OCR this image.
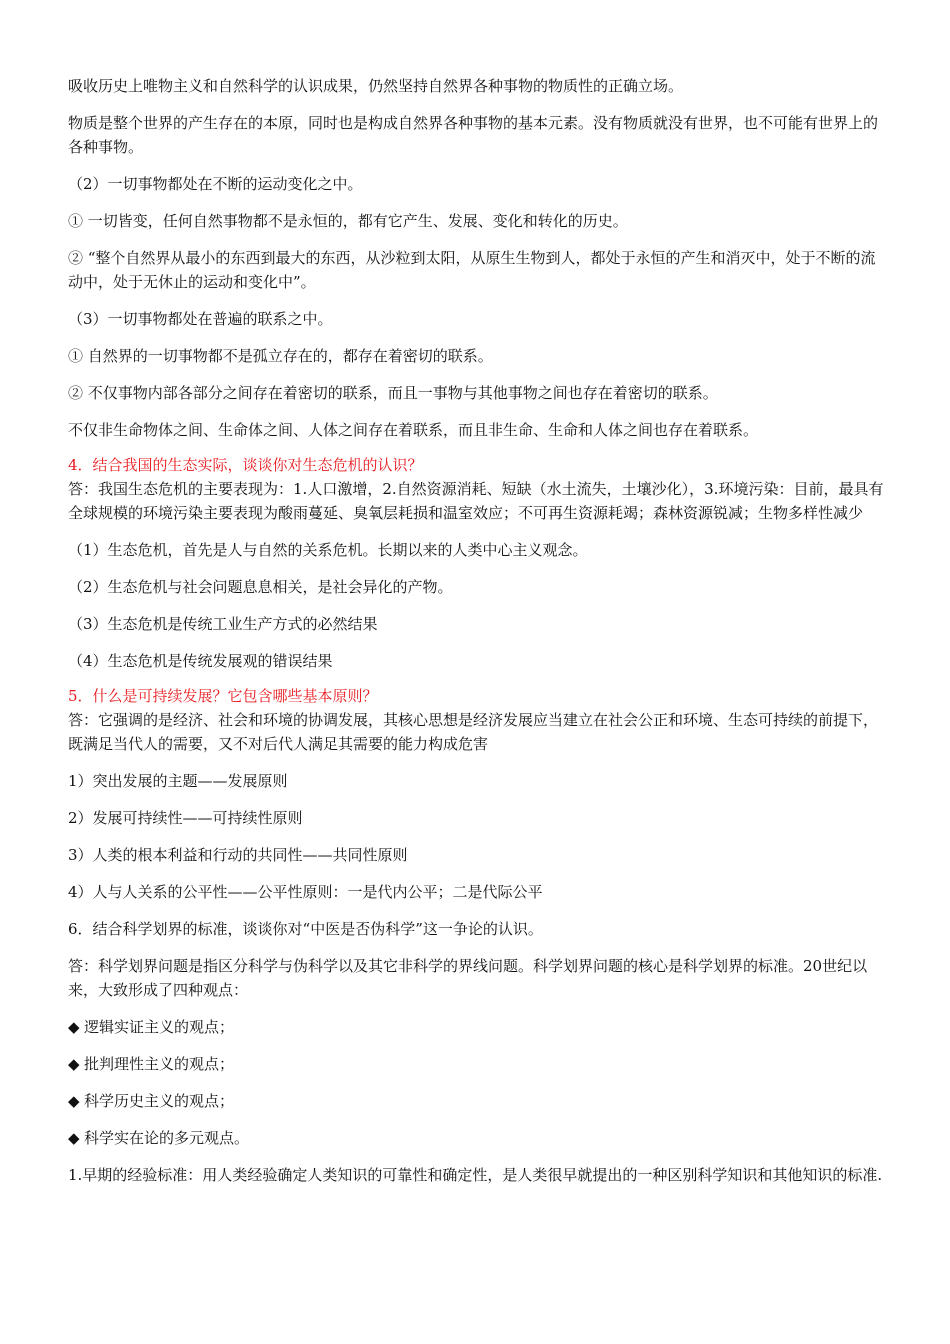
吸收历史上唯物主义和自然科学的认识成果，仍然坚持自然界各种事物的物质性的正确立场。

物质是整个世界的产生存在的本原，同时也是构成自然界各种事物的基本元素。没有物质就没有世界，也不可能有世界上的各种事物。

（2）一切事物都处在不断的运动变化之中。

① 一切皆变，任何自然事物都不是永恒的，都有它产生、发展、变化和转化的历史。

② “整个自然界从最小的东西到最大的东西，从沙粒到太阳，从原生生物到人，都处于永恒的产生和消灭中，处于不断的流动中，处于无休止的运动和变化中”。

（3）一切事物都处在普遍的联系之中。

① 自然界的一切事物都不是孤立存在的，都存在着密切的联系。

② 不仅事物内部各部分之间存在着密切的联系，而且一事物与其他事物之间也存在着密切的联系。

不仅非生命物体之间、生命体之间、人体之间存在着联系，而且非生命、生命和人体之间也存在着联系。

4．结合我国的生态实际，谈谈你对生态危机的认识？

答：我国生态危机的主要表现为：1.人口激增，2.自然资源消耗、短缺（水土流失，土壤沙化），3.环境污染：目前，最具有全球规模的环境污染主要表现为酸雨蔓延、臭氧层耗损和温室效应；不可再生资源耗竭；森林资源锐减；生物多样性减少

（1）生态危机，首先是人与自然的关系危机。长期以来的人类中心主义观念。

（2）生态危机与社会问题息息相关，是社会异化的产物。

（3）生态危机是传统工业生产方式的必然结果

（4）生态危机是传统发展观的错误结果

5．什么是可持续发展？它包含哪些基本原则？

答：它强调的是经济、社会和环境的协调发展，其核心思想是经济发展应当建立在社会公正和环境、生态可持续的前提下，既满足当代人的需要，又不对后代人满足其需要的能力构成危害

1）突出发展的主题——发展原则

2）发展可持续性——可持续性原则

3）人类的根本利益和行动的共同性——共同性原则

4）人与人关系的公平性——公平性原则：一是代内公平；二是代际公平

6．结合科学划界的标准，谈谈你对“中医是否伪科学”这一争论的认识。

答：科学划界问题是指区分科学与伪科学以及其它非科学的界线问题。科学划界问题的核心是科学划界的标准。20世纪以来，大致形成了四种观点：

◆ 逻辑实证主义的观点；

◆ 批判理性主义的观点；

◆ 科学历史主义的观点；

◆ 科学实在论的多元观点。

1.早期的经验标准：用人类经验确定人类知识的可靠性和确定性，是人类很早就提出的一种区别科学知识和其他知识的标准.
